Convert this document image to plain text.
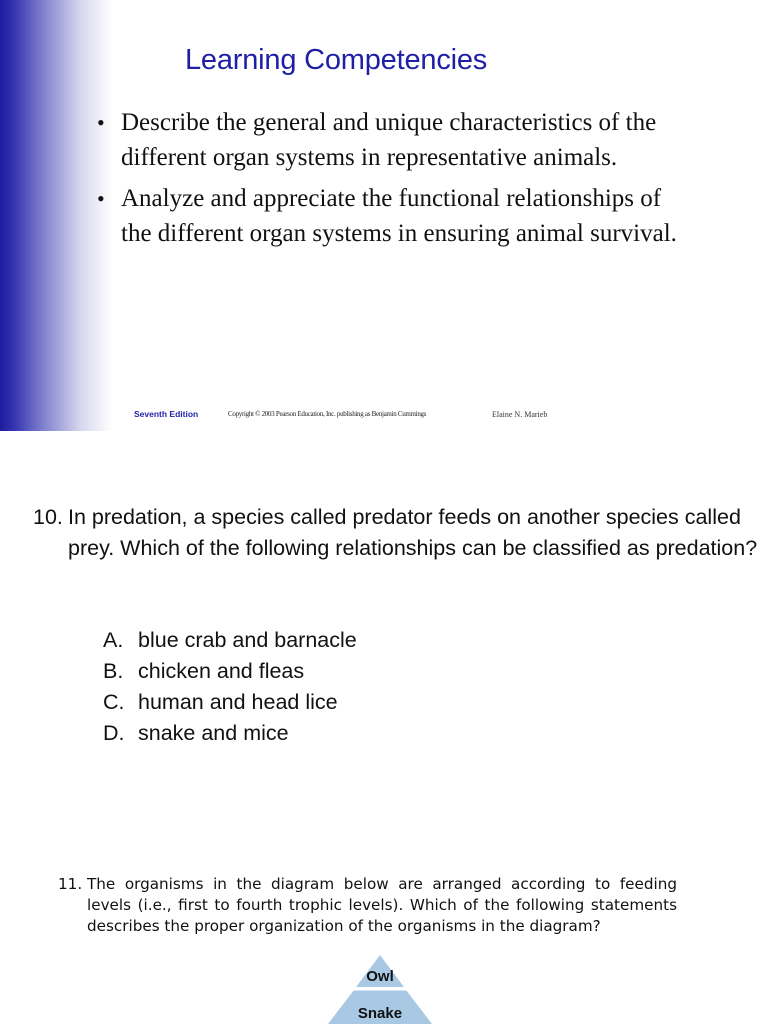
Learning Competencies
• Describe the general and unique characteristics of the different organ systems in representative animals.
• Analyze and appreciate the functional relationships of the different organ systems in ensuring animal survival.
Seventh Edition	Copyright © 2003 Pearson Education, Inc. publishing as Benjamin Cummings	Elaine N. Marieb
10. In predation, a species called predator feeds on another species called prey. Which of the following relationships can be classified as predation?
A. blue crab and barnacle
B. chicken and fleas
C. human and head lice
D. snake and mice
11. The organisms in the diagram below are arranged according to feeding levels (i.e., first to fourth trophic levels). Which of the following statements describes the proper organization of the organisms in the diagram?
Owl
Snake
